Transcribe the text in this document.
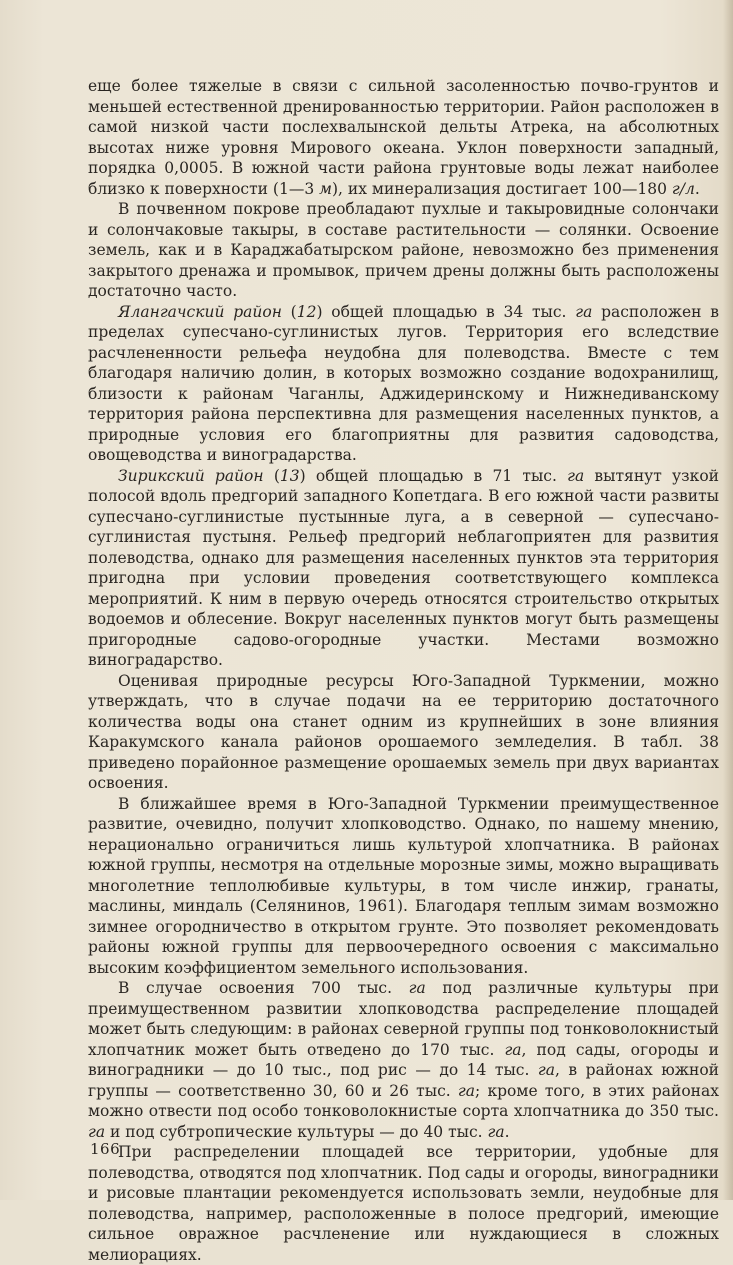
еще более тяжелые в связи с сильной засоленностью почво-грунтов и меньшей естественной дренированностью территории. Район расположен в самой низкой части послехвалынской дельты Атрека, на абсолютных высотах ниже уровня Мирового океана. Уклон поверхности западный, порядка 0,0005. В южной части района грунтовые воды лежат наиболее близко к поверхности (1—3 м), их минерализация достигает 100—180 г/л.

В почвенном покрове преобладают пухлые и такыровидные солончаки и солончаковые такыры, в составе растительности — солянки. Освоение земель, как и в Караджабатырском районе, невозможно без применения закрытого дренажа и промывок, причем дрены должны быть расположены достаточно часто.

Ялангачский район (12) общей площадью в 34 тыс. га расположен в пределах супесчано-суглинистых лугов. Территория его вследствие расчлененности рельефа неудобна для полеводства. Вместе с тем благодаря наличию долин, в которых возможно создание водохранилищ, близости к районам Чаганлы, Аджидеринскому и Нижнедиванскому территория района перспективна для размещения населенных пунктов, а природные условия его благоприятны для развития садоводства, овощеводства и виноградарства.

Зирикский район (13) общей площадью в 71 тыс. га вытянут узкой полосой вдоль предгорий западного Копетдага. В его южной части развиты супесчано-суглинистые пустынные луга, а в северной — супесчано-суглинистая пустыня. Рельеф предгорий неблагоприятен для развития полеводства, однако для размещения населенных пунктов эта территория пригодна при условии проведения соответствующего комплекса мероприятий. К ним в первую очередь относятся строительство открытых водоемов и облесение. Вокруг населенных пунктов могут быть размещены пригородные садово-огородные участки. Местами возможно виноградарство.

Оценивая природные ресурсы Юго-Западной Туркмении, можно утверждать, что в случае подачи на ее территорию достаточного количества воды она станет одним из крупнейших в зоне влияния Каракумского канала районов орошаемого земледелия. В табл. 38 приведено порайонное размещение орошаемых земель при двух вариантах освоения.

В ближайшее время в Юго-Западной Туркмении преимущественное развитие, очевидно, получит хлопководство. Однако, по нашему мнению, нерационально ограничиться лишь культурой хлопчатника. В районах южной группы, несмотря на отдельные морозные зимы, можно выращивать многолетние теплолюбивые культуры, в том числе инжир, гранаты, маслины, миндаль (Селянинов, 1961). Благодаря теплым зимам возможно зимнее огородничество в открытом грунте. Это позволяет рекомендовать районы южной группы для первоочередного освоения с максимально высоким коэффициентом земельного использования.

В случае освоения 700 тыс. га под различные культуры при преимущественном развитии хлопководства распределение площадей может быть следующим: в районах северной группы под тонковолокнистый хлопчатник может быть отведено до 170 тыс. га, под сады, огороды и виноградники — до 10 тыс., под рис — до 14 тыс. га, в районах южной группы — соответственно 30, 60 и 26 тыс. га; кроме того, в этих районах можно отвести под особо тонковолокнистые сорта хлопчатника до 350 тыс. га и под субтропические культуры — до 40 тыс. га.

При распределении площадей все территории, удобные для полеводства, отводятся под хлопчатник. Под сады и огороды, виноградники и рисовые плантации рекомендуется использовать земли, неудобные для полеводства, например, расположенные в полосе предгорий, имеющие сильное овражное расчленение или нуждающиеся в сложных мелиорациях.

166
